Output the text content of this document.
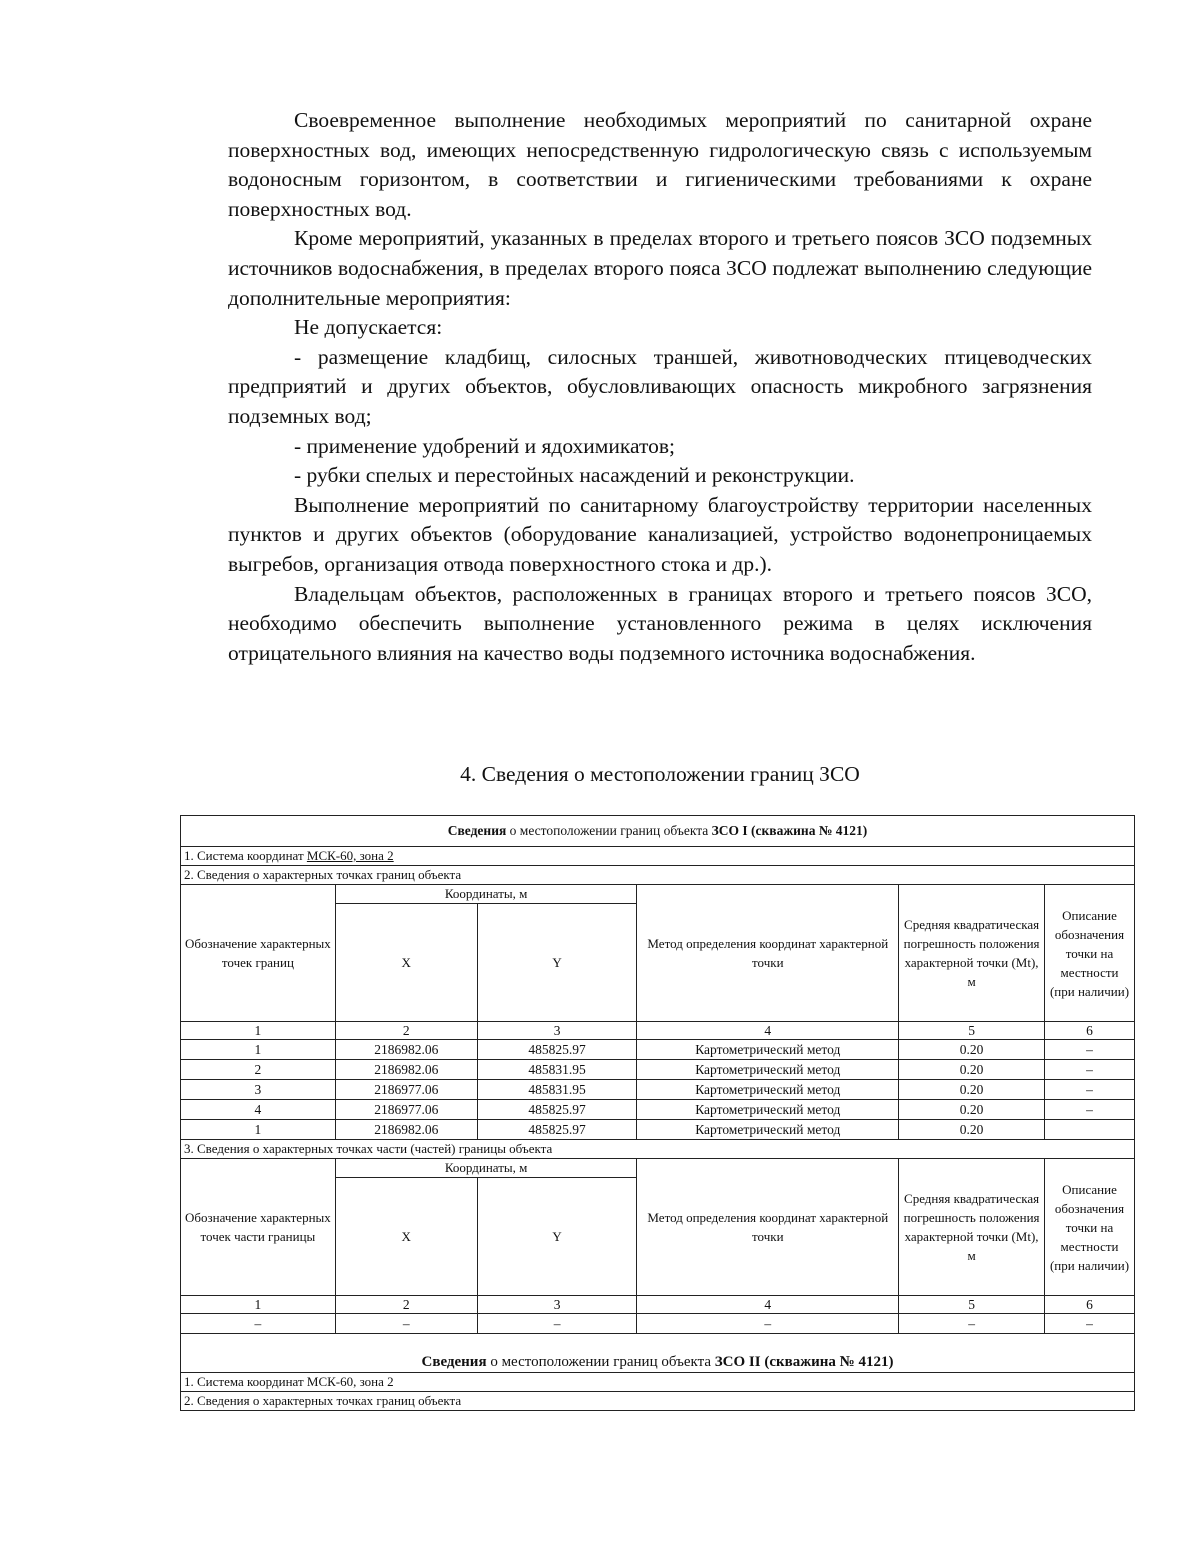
Своевременное выполнение необходимых мероприятий по санитарной охране поверхностных вод, имеющих непосредственную гидрологическую связь с используемым водоносным горизонтом, в соответствии и гигиеническими требованиями к охране поверхностных вод.

Кроме мероприятий, указанных в пределах второго и третьего поясов ЗСО подземных источников водоснабжения, в пределах второго пояса ЗСО подлежат выполнению следующие дополнительные мероприятия:

Не допускается:

- размещение кладбищ, силосных траншей, животноводческих птицеводческих предприятий и других объектов, обусловливающих опасность микробного загрязнения подземных вод;

- применение удобрений и ядохимикатов;

- рубки спелых и перестойных насаждений и реконструкции.

Выполнение мероприятий по санитарному благоустройству территории населенных пунктов и других объектов (оборудование канализацией, устройство водонепроницаемых выгребов, организация отвода поверхностного стока и др.).

Владельцам объектов, расположенных в границах второго и третьего поясов ЗСО, необходимо обеспечить выполнение установленного режима в целях исключения отрицательного влияния на качество воды подземного источника водоснабжения.

4. Сведения о местоположении границ ЗСО
Сведения о местоположении границ объекта ЗСО I (скважина № 4121)					
1. Система координат МСК-60, зона 2					
2. Сведения о характерных точках границ объекта					
Обозначение характерных точек границ	Координаты, м		Метод определения координат характерной точки	Средняя квадратическая погрешность положения характерной точки (Mt), м	Описание обозначения точки на местности (при наличии)
	X	Y			
1	2	3	4	5	6
1	2186982.06	485825.97	Картометрический метод	0.20	–
2	2186982.06	485831.95	Картометрический метод	0.20	–
3	2186977.06	485831.95	Картометрический метод	0.20	–
4	2186977.06	485825.97	Картометрический метод	0.20	–
1	2186982.06	485825.97	Картометрический метод	0.20	
3. Сведения о характерных точках части (частей) границы объекта					
Обозначение характерных точек части границы	Координаты, м		Метод определения координат характерной точки	Средняя квадратическая погрешность положения характерной точки (Mt), м	Описание обозначения точки на местности (при наличии)
	X	Y			
1	2	3	4	5	6
–	–	–	–	–	–
Сведения о местоположении границ объекта ЗСО II (скважина № 4121)					
1. Система координат МСК-60, зона 2					
2. Сведения о характерных точках границ объекта					
